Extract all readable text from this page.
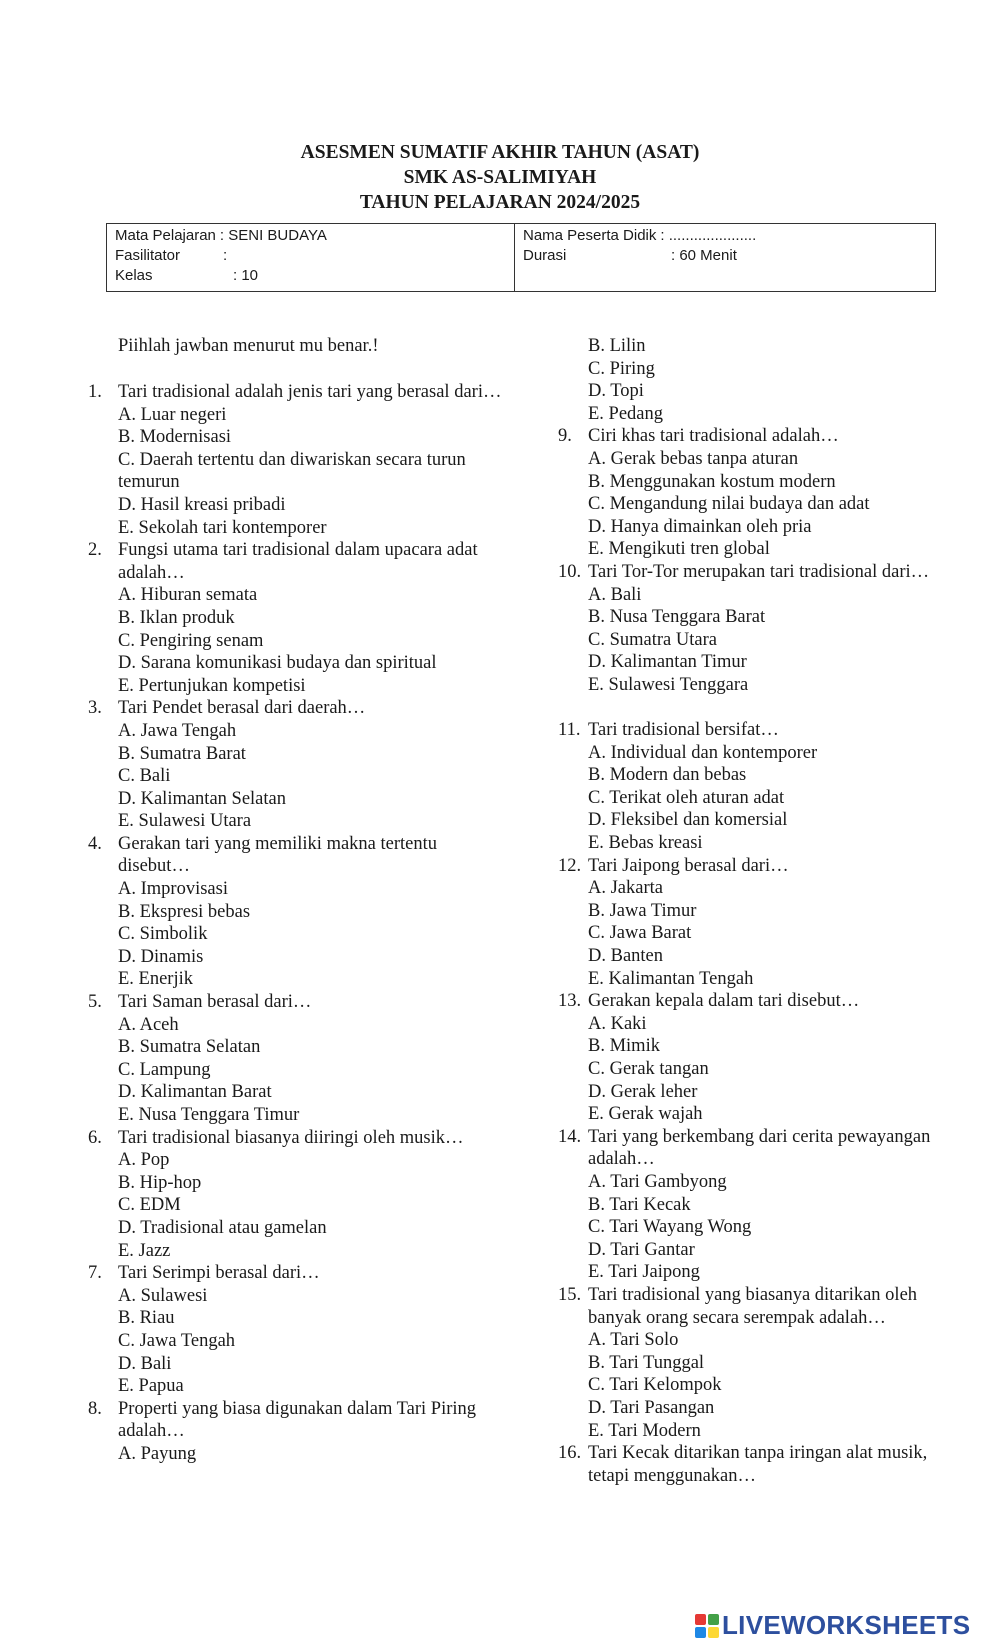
ASESMEN SUMATIF AKHIR TAHUN (ASAT)
SMK AS-SALIMIYAH
TAHUN PELAJARAN 2024/2025
Mata Pelajaran : SENI BUDAYA
Fasilitator	:
Kelas	: 10
Nama Peserta Didik : .....................
Durasi	: 60 Menit
Piihlah jawban menurut mu benar.!
1. Tari tradisional adalah jenis tari yang berasal dari…
A. Luar negeri
B. Modernisasi
C. Daerah tertentu dan diwariskan secara turun temurun
D. Hasil kreasi pribadi
E. Sekolah tari kontemporer
2. Fungsi utama tari tradisional dalam upacara adat adalah…
A. Hiburan semata
B. Iklan produk
C. Pengiring senam
D. Sarana komunikasi budaya dan spiritual
E. Pertunjukan kompetisi
3. Tari Pendet berasal dari daerah…
A. Jawa Tengah
B. Sumatra Barat
C. Bali
D. Kalimantan Selatan
E. Sulawesi Utara
4. Gerakan tari yang memiliki makna tertentu disebut…
A. Improvisasi
B. Ekspresi bebas
C. Simbolik
D. Dinamis
E. Enerjik
5. Tari Saman berasal dari…
A. Aceh
B. Sumatra Selatan
C. Lampung
D. Kalimantan Barat
E. Nusa Tenggara Timur
6. Tari tradisional biasanya diiringi oleh musik…
A. Pop
B. Hip-hop
C. EDM
D. Tradisional atau gamelan
E. Jazz
7. Tari Serimpi berasal dari…
A. Sulawesi
B. Riau
C. Jawa Tengah
D. Bali
E. Papua
8. Properti yang biasa digunakan dalam Tari Piring adalah…
A. Payung
B. Lilin
C. Piring
D. Topi
E. Pedang
9. Ciri khas tari tradisional adalah…
A. Gerak bebas tanpa aturan
B. Menggunakan kostum modern
C. Mengandung nilai budaya dan adat
D. Hanya dimainkan oleh pria
E. Mengikuti tren global
10. Tari Tor-Tor merupakan tari tradisional dari…
A. Bali
B. Nusa Tenggara Barat
C. Sumatra Utara
D. Kalimantan Timur
E. Sulawesi Tenggara
11. Tari tradisional bersifat…
A. Individual dan kontemporer
B. Modern dan bebas
C. Terikat oleh aturan adat
D. Fleksibel dan komersial
E. Bebas kreasi
12. Tari Jaipong berasal dari…
A. Jakarta
B. Jawa Timur
C. Jawa Barat
D. Banten
E. Kalimantan Tengah
13. Gerakan kepala dalam tari disebut…
A. Kaki
B. Mimik
C. Gerak tangan
D. Gerak leher
E. Gerak wajah
14. Tari yang berkembang dari cerita pewayangan adalah…
A. Tari Gambyong
B. Tari Kecak
C. Tari Wayang Wong
D. Tari Gantar
E. Tari Jaipong
15. Tari tradisional yang biasanya ditarikan oleh banyak orang secara serempak adalah…
A. Tari Solo
B. Tari Tunggal
C. Tari Kelompok
D. Tari Pasangan
E. Tari Modern
16. Tari Kecak ditarikan tanpa iringan alat musik, tetapi menggunakan…
LIVEWORKSHEETS
